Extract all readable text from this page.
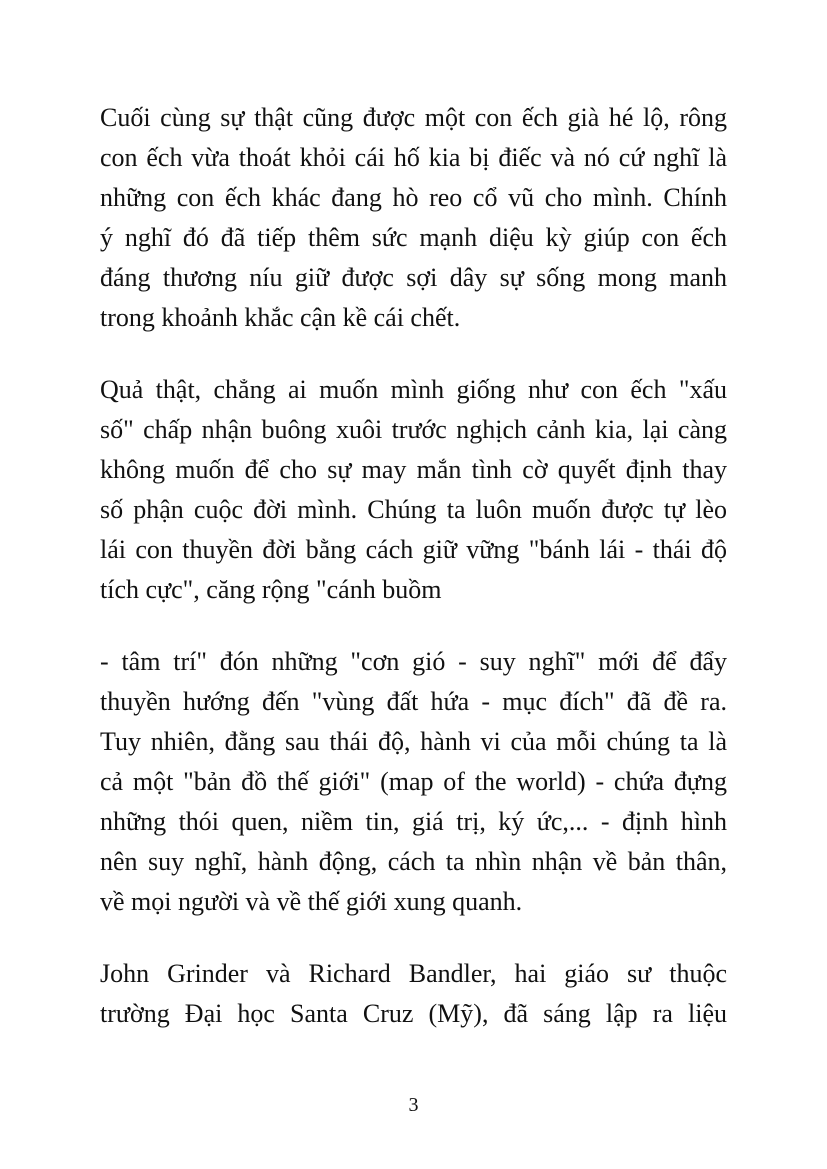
Cuối cùng sự thật cũng được một con ếch già hé lộ, rông
con ếch vừa thoát khỏi cái hố kia bị điếc và nó cứ nghĩ là
những con ếch khác đang hò reo cổ vũ cho mình. Chính
ý nghĩ đó đã tiếp thêm sức mạnh diệu kỳ giúp con ếch
đáng thương níu giữ được sợi dây sự sống mong manh
trong khoảnh khắc cận kề cái chết.

Quả thật, chẳng ai muốn mình giống như con ếch "xấu
số" chấp nhận buông xuôi trước nghịch cảnh kia, lại càng
không muốn để cho sự may mắn tình cờ quyết định thay
số phận cuộc đời mình. Chúng ta luôn muốn được tự lèo
lái con thuyền đời bằng cách giữ vững "bánh lái - thái độ
tích cực", căng rộng "cánh buồm

- tâm trí" đón những "cơn gió - suy nghĩ" mới để đẩy
thuyền hướng đến "vùng đất hứa - mục đích" đã đề ra.
Tuy nhiên, đằng sau thái độ, hành vi của mỗi chúng ta là
cả một "bản đồ thế giới" (map of the world) - chứa đựng
những thói quen, niềm tin, giá trị, ký ức,... - định hình
nên suy nghĩ, hành động, cách ta nhìn nhận về bản thân,
về mọi người và về thế giới xung quanh.

John Grinder và Richard Bandler, hai giáo sư thuộc
trường Đại học Santa Cruz (Mỹ), đã sáng lập ra liệu

3
